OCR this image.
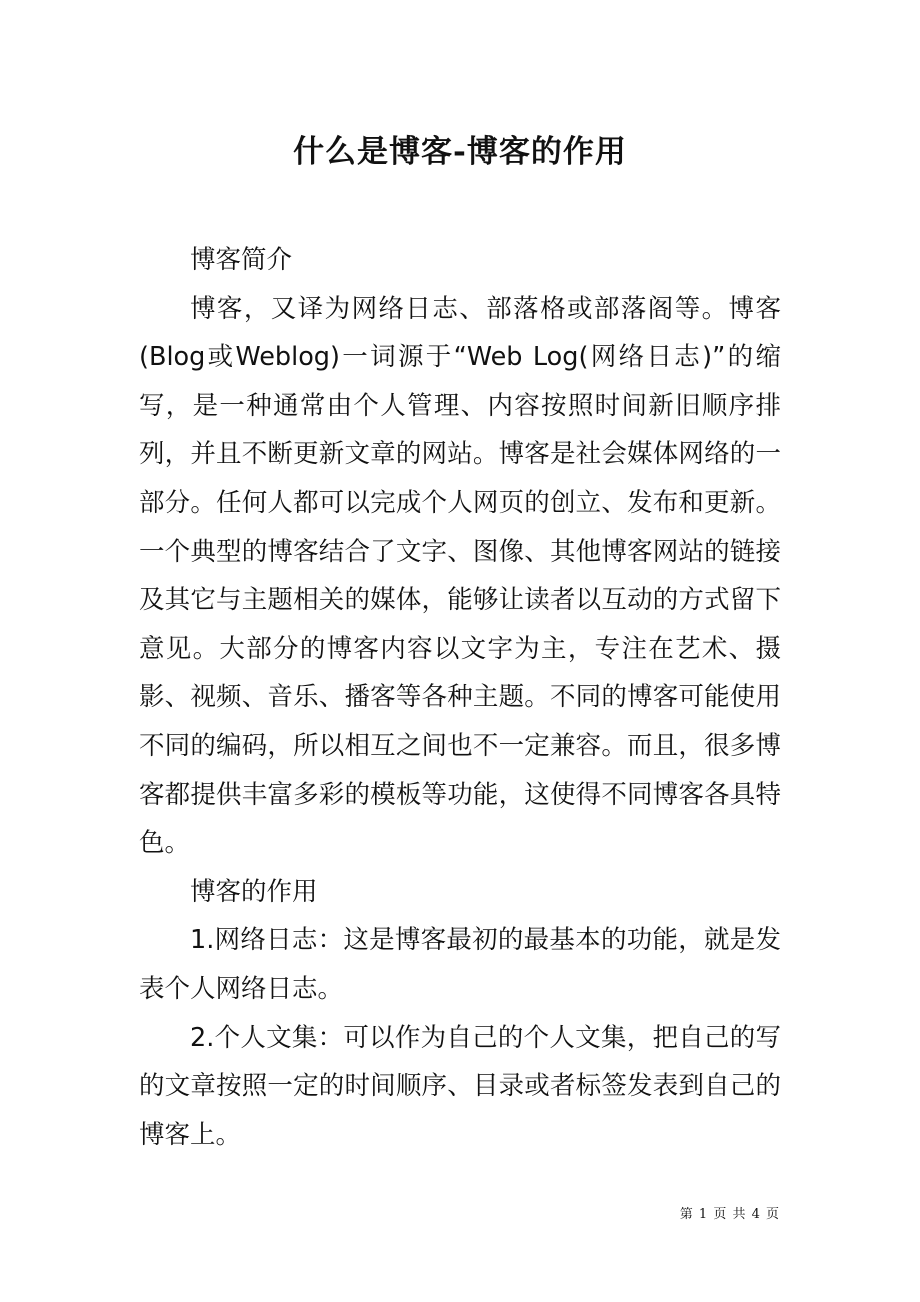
什么是博客-博客的作用

博客简介

博客，又译为网络日志、部落格或部落阁等。博客(Blog或Weblog)一词源于“Web Log(网络日志)”的缩写，是一种通常由个人管理、内容按照时间新旧顺序排列，并且不断更新文章的网站。博客是社会媒体网络的一部分。任何人都可以完成个人网页的创立、发布和更新。一个典型的博客结合了文字、图像、其他博客网站的链接及其它与主题相关的媒体，能够让读者以互动的方式留下意见。大部分的博客内容以文字为主，专注在艺术、摄影、视频、音乐、播客等各种主题。不同的博客可能使用不同的编码，所以相互之间也不一定兼容。而且，很多博客都提供丰富多彩的模板等功能，这使得不同博客各具特色。

博客的作用

1.网络日志：这是博客最初的最基本的功能，就是发表个人网络日志。

2.个人文集：可以作为自己的个人文集，把自己的写的文章按照一定的时间顺序、目录或者标签发表到自己的博客上。

第 1 页 共 4 页
